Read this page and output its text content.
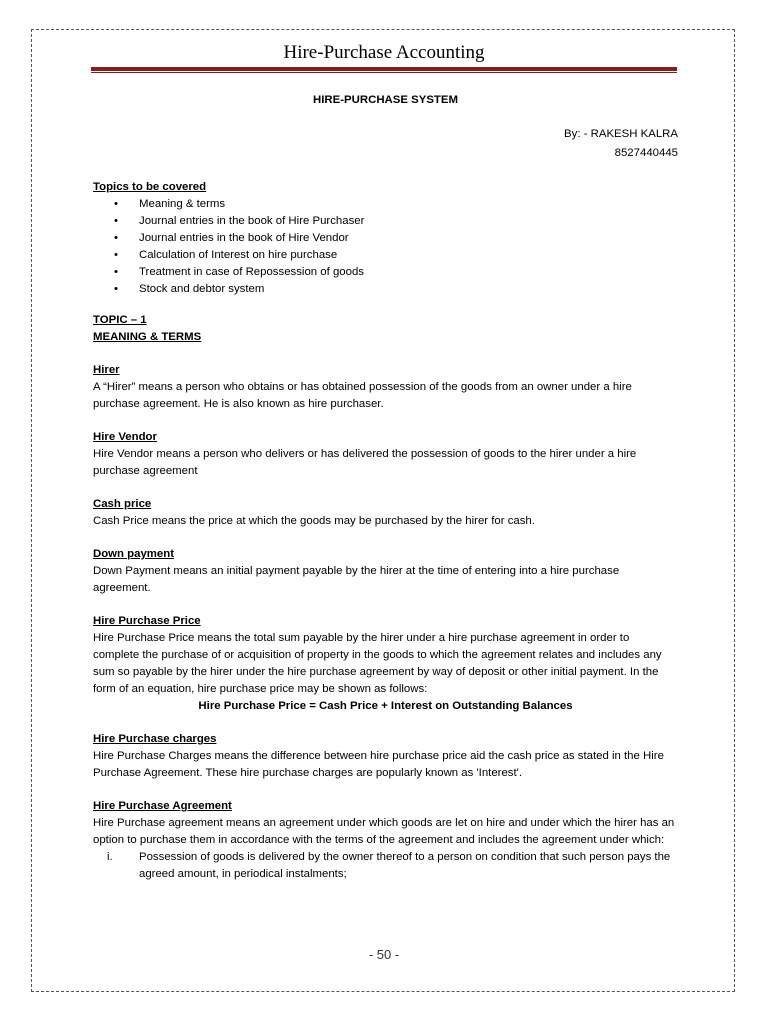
Hire-Purchase Accounting
HIRE-PURCHASE SYSTEM
By: - RAKESH KALRA
8527440445
Topics to be covered
• Meaning & terms
• Journal entries in the book of Hire Purchaser
• Journal entries in the book of Hire Vendor
• Calculation of Interest on hire purchase
• Treatment in case of Repossession of goods
• Stock and debtor system
TOPIC – 1
MEANING & TERMS
Hirer

A “Hirer” means a person who obtains or has obtained possession of the goods from an owner under a hire purchase agreement. He is also known as hire purchaser.

Hire Vendor

Hire Vendor means a person who delivers or has delivered the possession of goods to the hirer under a hire purchase agreement

Cash price

Cash Price means the price at which the goods may be purchased by the hirer for cash.

Down payment

Down Payment means an initial payment payable by the hirer at the time of entering into a hire purchase agreement.

Hire Purchase Price

Hire Purchase Price means the total sum payable by the hirer under a hire purchase agreement in order to complete the purchase of or acquisition of property in the goods to which the agreement relates and includes any sum so payable by the hirer under the hire purchase agreement by way of deposit or other initial payment. In the form of an equation, hire purchase price may be shown as follows:

Hire Purchase Price = Cash Price + Interest on Outstanding Balances
Hire Purchase charges

Hire Purchase Charges means the difference between hire purchase price aid the cash price as stated in the Hire Purchase Agreement. These hire purchase charges are popularly known as 'Interest'.

Hire Purchase Agreement

Hire Purchase agreement means an agreement under which goods are let on hire and under which the hirer has an option to purchase them in accordance with the terms of the agreement and includes the agreement under which:

i. Possession of goods is delivered by the owner thereof to a person on condition that such person pays the agreed amount, in periodical instalments;
- 50 -
